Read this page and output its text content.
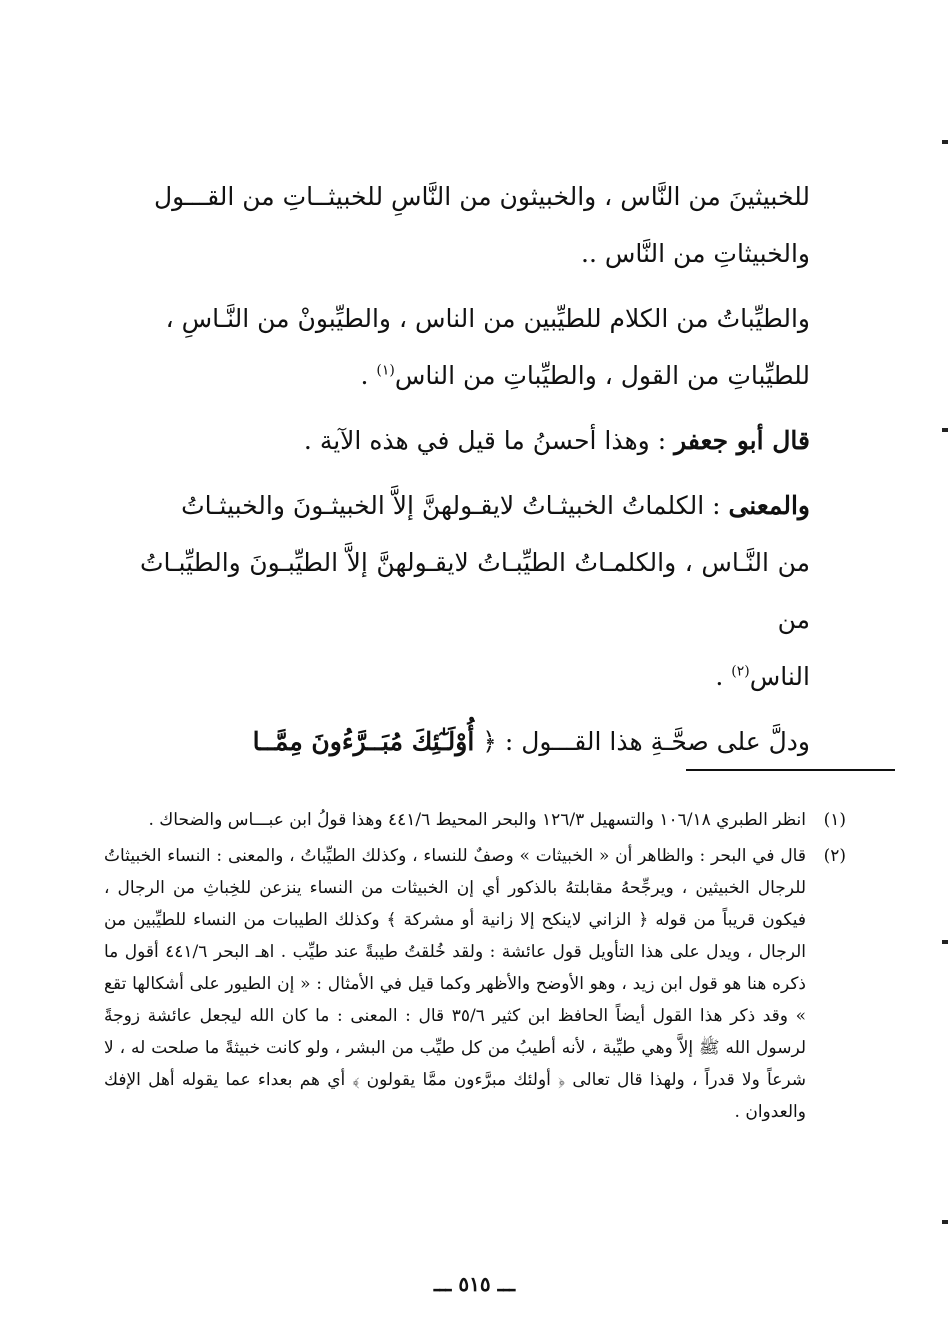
للخبيثينَ من النَّاس ، والخبيثون من النَّاسِ للخبيثــاتِ من القـــول
والخبيثاتِ من النَّاس ..

والطيِّباتُ من الكلام للطيِّبين من الناس ، والطيِّبونْ من النَّـاسِ ،
للطيِّباتِ من القول ، والطيِّباتِ من الناس$^{(١)}$ .

قال أبو جعفر : وهذا أحسنُ ما قيل في هذه الآية .

والمعنى : الكلماتُ الخبيثـاتُ لايقـولهنَّ إلاَّ الخبيثـونَ والخبيثـاتُ
من النَّـاس ، والكلمـاتُ الطيِّبـاتُ لايقـولهنَّ إلاَّ الطيِّبـونَ والطيِّبـاتُ من
الناس$^{(٢)}$ .

ودلَّ على صحَّـةِ هذا القـــول : ﴿ أُوْلَـٰٓئِكَ مُبَــرَّءُونَ مِمَّــا

(١)
انظر الطبري ١٠٦/١٨ والتسهيل ١٢٦/٣ والبحر المحيط ٤٤١/٦ وهذا قولُ ابن عبـــاس والضحاك .
(٢)
قال في البحر : والظاهر أن « الخبيثات » وصفٌ للنساء ، وكذلك الطيِّباتُ ، والمعنى : النساء الخبيثاتُ للرجال الخبيثين ، ويرجِّحهُ مقابلتهُ بالذكور أي إن الخبيثات من النساء ينزعن للخِباثِ من الرجال ، فيكون قريباً من قوله ﴿ الزاني لاينكح إلا زانية أو مشركة ﴾ وكذلك الطيبات من النساء للطيِّبين من الرجال ، ويدل على هذا التأويل قول عائشة : ولقد خُلقتُ طيبةً عند طيِّب . اهـ البحر ٤٤١/٦ أقول ما ذكره هنا هو قول ابن زيد ، وهو الأوضح والأظهر وكما قيل في الأمثال : « إن الطيور على أشكالها تقع » وقد ذكر هذا القول أيضاً الحافظ ابن كثير ٣٥/٦ قال : المعنى : ما كان الله ليجعل عائشة زوجةً لرسول الله ﷺ إلاَّ وهي طيِّبة ، لأنه أطيبُ من كل طيِّب من البشر ، ولو كانت خبيثةً ما صلحت له ، لا شرعاً ولا قدراً ، ولهذا قال تعالى ﴿ أولئك مبرَّءون ممَّا يقولون ﴾ أي هم بعداء عما يقوله أهل الإفك والعدوان .
ـــ ٥١٥ ـــ
